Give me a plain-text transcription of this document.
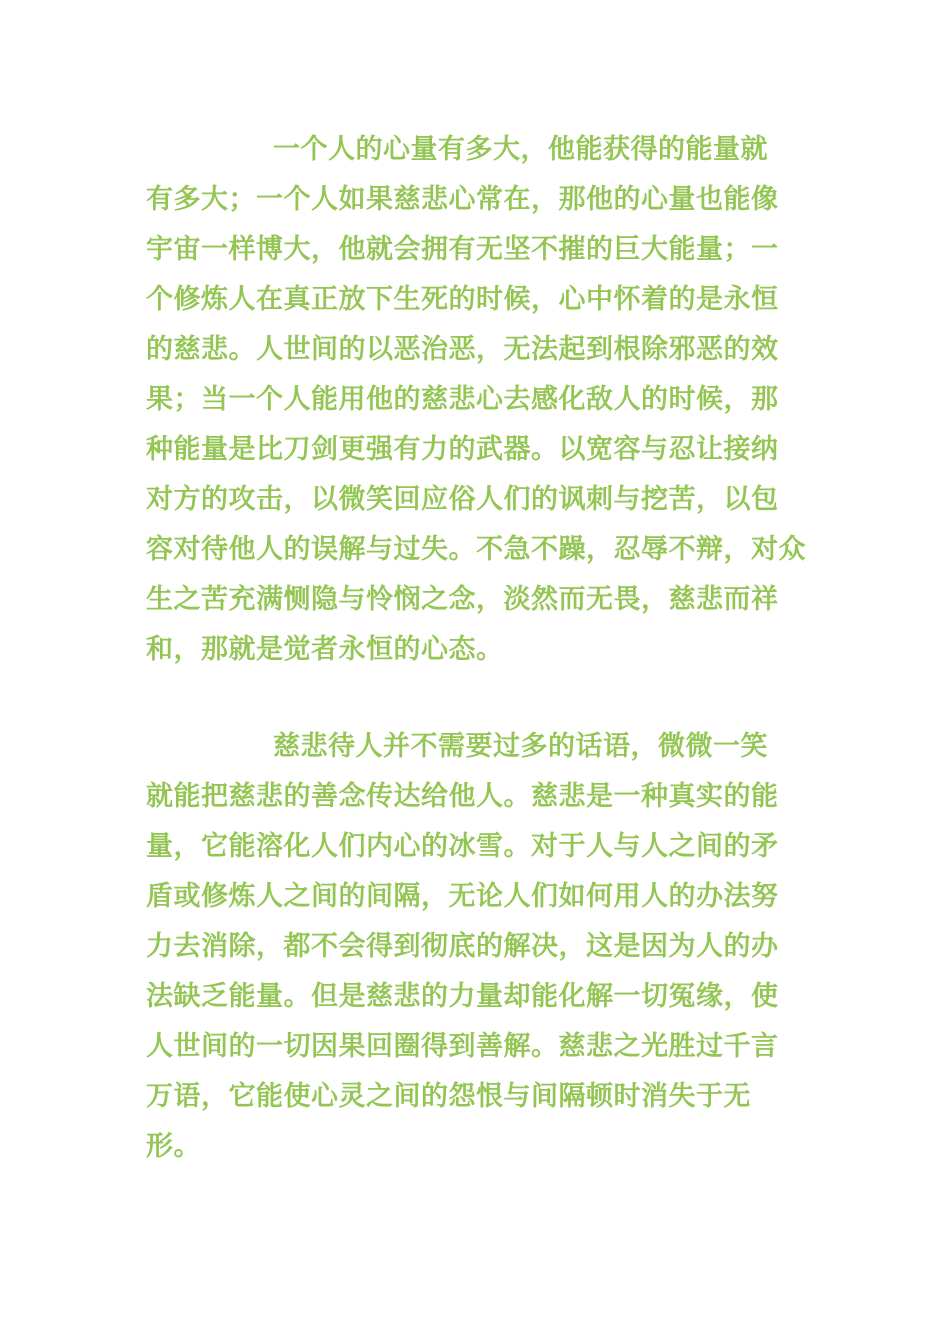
一个人的心量有多大，他能获得的能量就
有多大；一个人如果慈悲心常在，那他的心量也能像
宇宙一样博大，他就会拥有无坚不摧的巨大能量；一
个修炼人在真正放下生死的时候，心中怀着的是永恒
的慈悲。人世间的以恶治恶，无法起到根除邪恶的效
果；当一个人能用他的慈悲心去感化敌人的时候，那
种能量是比刀剑更强有力的武器。以宽容与忍让接纳
对方的攻击，以微笑回应俗人们的讽刺与挖苦，以包
容对待他人的误解与过失。不急不躁，忍辱不辩，对众
生之苦充满恻隐与怜悯之念，淡然而无畏，慈悲而祥
和，那就是觉者永恒的心态。
慈悲待人并不需要过多的话语，微微一笑
就能把慈悲的善念传达给他人。慈悲是一种真实的能
量，它能溶化人们内心的冰雪。对于人与人之间的矛
盾或修炼人之间的间隔，无论人们如何用人的办法努
力去消除，都不会得到彻底的解决，这是因为人的办
法缺乏能量。但是慈悲的力量却能化解一切冤缘，使
人世间的一切因果回圈得到善解。慈悲之光胜过千言
万语，它能使心灵之间的怨恨与间隔顿时消失于无
形。
